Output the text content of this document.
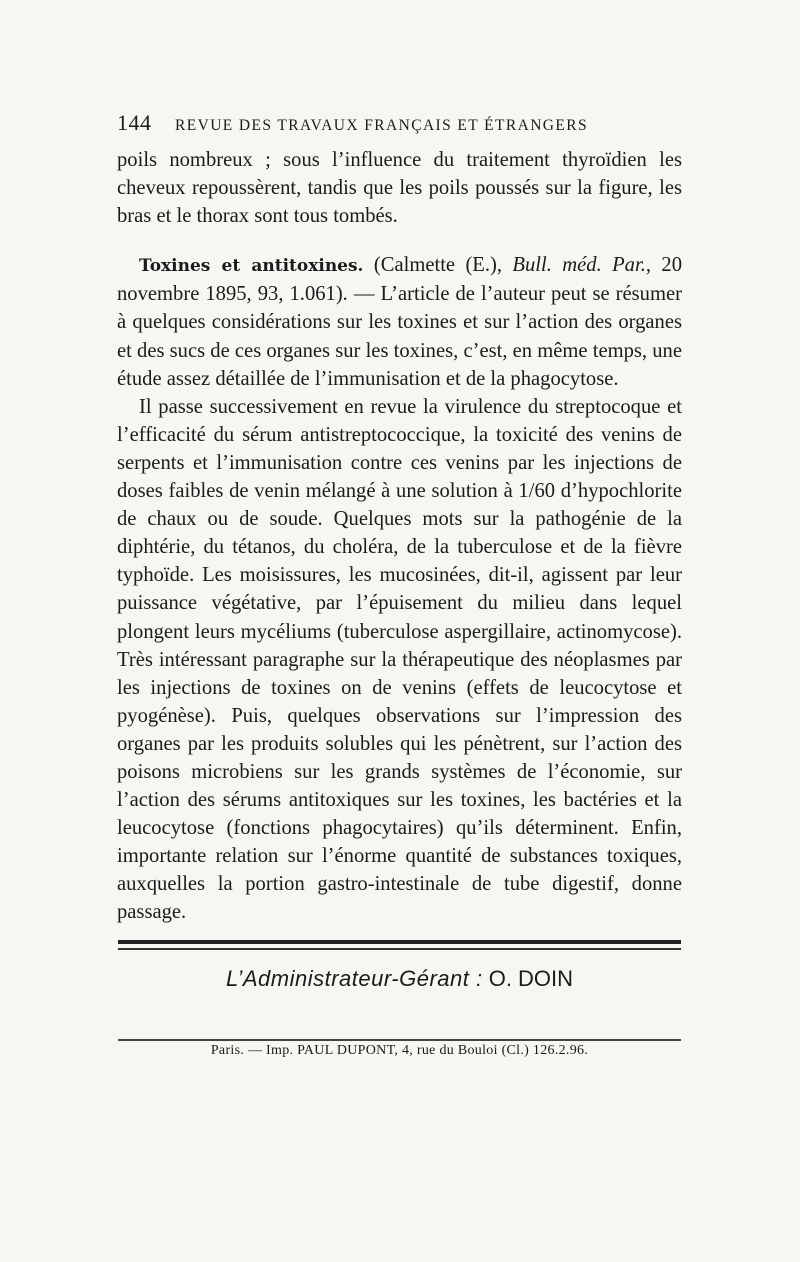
144	REVUE DES TRAVAUX FRANÇAIS ET ÉTRANGERS

poils nombreux ; sous l’influence du traitement thyroïdien les cheveux repoussèrent, tandis que les poils poussés sur la figure, les bras et le thorax sont tous tombés.

Toxines et antitoxines. (Calmette (E.), Bull. méd. Par., 20 novembre 1895, 93, 1.061). — L’article de l’auteur peut se résumer à quelques considérations sur les toxines et sur l’action des organes et des sucs de ces organes sur les toxines, c’est, en même temps, une étude assez détaillée de l’immunisation et de la phagocytose.

Il passe successivement en revue la virulence du streptocoque et l’efficacité du sérum antistreptococcique, la toxicité des venins de serpents et l’immunisation contre ces venins par les injections de doses faibles de venin mélangé à une solution à 1/60 d’hypochlorite de chaux ou de soude. Quelques mots sur la pathogénie de la diphtérie, du tétanos, du choléra, de la tuberculose et de la fièvre typhoïde. Les moisissures, les mucosinées, dit-il, agissent par leur puissance végétative, par l’épuisement du milieu dans lequel plongent leurs mycéliums (tuberculose aspergillaire, actinomycose). Très intéressant paragraphe sur la thérapeutique des néoplasmes par les injections de toxines on de venins (effets de leucocytose et pyogénèse). Puis, quelques observations sur l’impression des organes par les produits solubles qui les pénètrent, sur l’action des poisons microbiens sur les grands systèmes de l’économie, sur l’action des sérums antitoxiques sur les toxines, les bactéries et la leucocytose (fonctions phagocytaires) qu’ils déterminent. Enfin, importante relation sur l’énorme quantité de substances toxiques, auxquelles la portion gastro-intestinale de tube digestif, donne passage.

L’Administrateur-Gérant : O. DOIN
Paris. — Imp. PAUL DUPONT, 4, rue du Bouloi (Cl.) 126.2.96.
